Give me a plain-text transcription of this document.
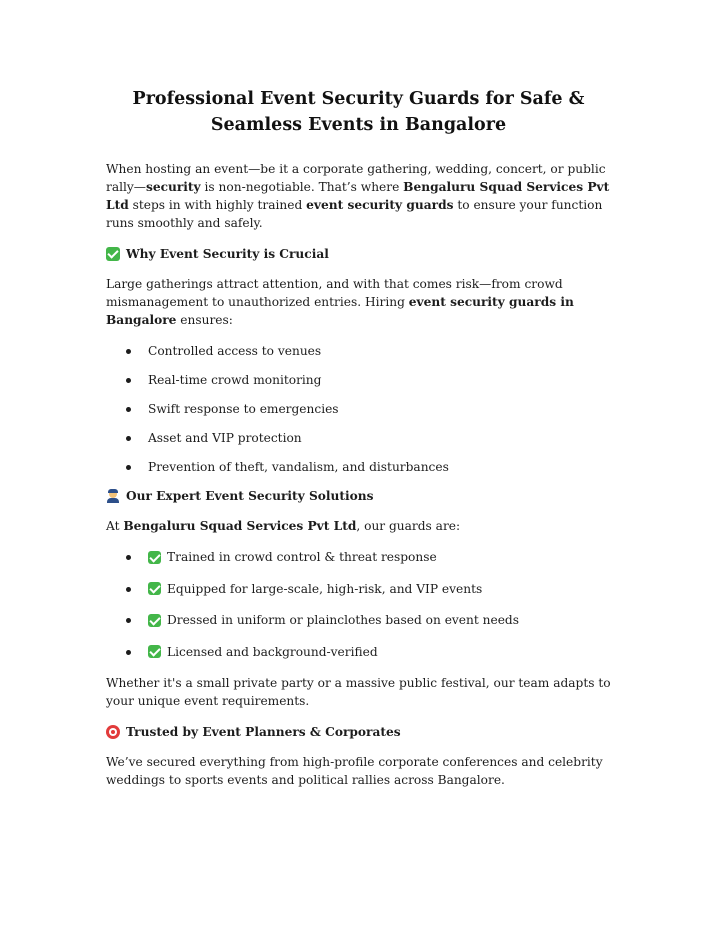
Professional Event Security Guards for Safe & Seamless Events in Bangalore

When hosting an event—be it a corporate gathering, wedding, concert, or public rally—security is non-negotiable. That’s where Bengaluru Squad Services Pvt Ltd steps in with highly trained event security guards to ensure your function runs smoothly and safely.

Why Event Security is Crucial

Large gatherings attract attention, and with that comes risk—from crowd mismanagement to unauthorized entries. Hiring event security guards in Bangalore ensures:

Controlled access to venues
Real-time crowd monitoring
Swift response to emergencies
Asset and VIP protection
Prevention of theft, vandalism, and disturbances
Our Expert Event Security Solutions

At Bengaluru Squad Services Pvt Ltd, our guards are:

Trained in crowd control & threat response
Equipped for large-scale, high-risk, and VIP events
Dressed in uniform or plainclothes based on event needs
Licensed and background-verified

Whether it's a small private party or a massive public festival, our team adapts to your unique event requirements.

Trusted by Event Planners & Corporates

We’ve secured everything from high-profile corporate conferences and celebrity weddings to sports events and political rallies across Bangalore.
